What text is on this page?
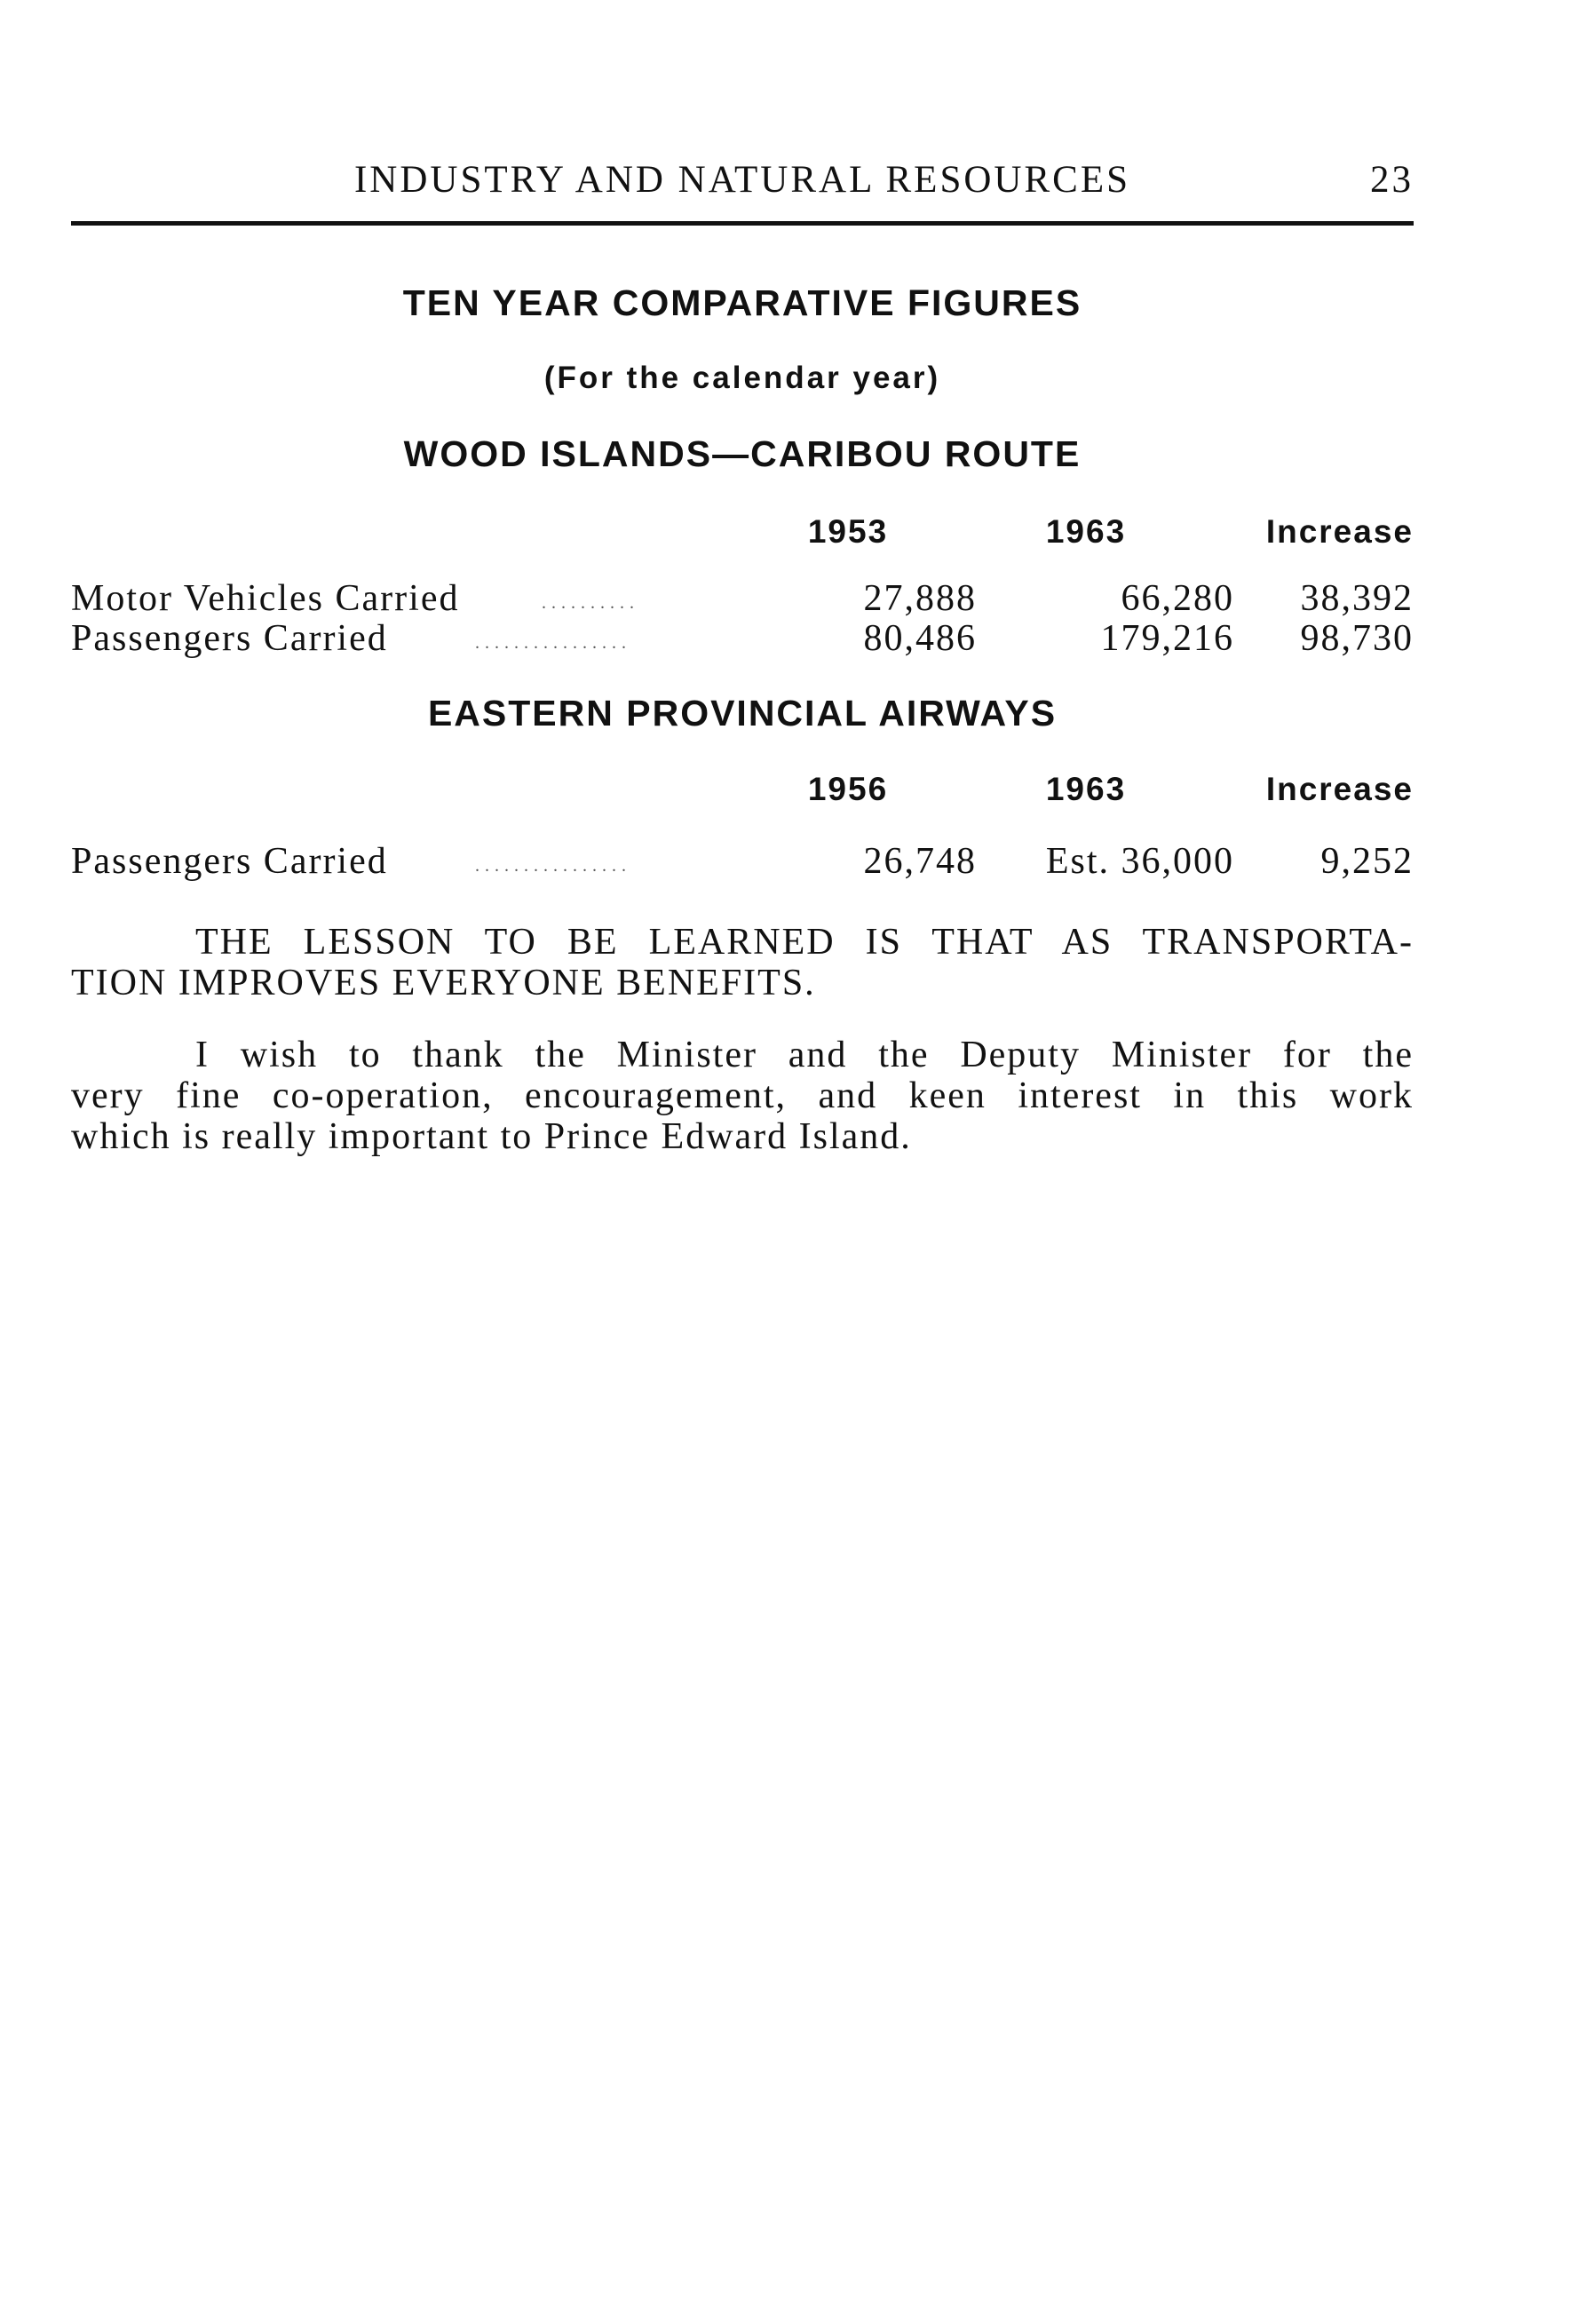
INDUSTRY AND NATURAL RESOURCES	23
TEN YEAR COMPARATIVE FIGURES
(For the calendar year)
WOOD ISLANDS—CARIBOU ROUTE
1953	1963	Increase
Motor Vehicles Carried	..........	27,888	66,280	38,392
Passengers Carried	................	80,486	179,216	98,730
EASTERN PROVINCIAL AIRWAYS
1956	1963	Increase
Passengers Carried	................	26,748	Est. 36,000	9,252
THE LESSON TO BE LEARNED IS THAT AS TRANSPORTA-
TION IMPROVES EVERYONE BENEFITS.
I wish to thank the Minister and the Deputy Minister for the
very fine co-operation, encouragement, and keen interest in this work
which is really important to Prince Edward Island.
